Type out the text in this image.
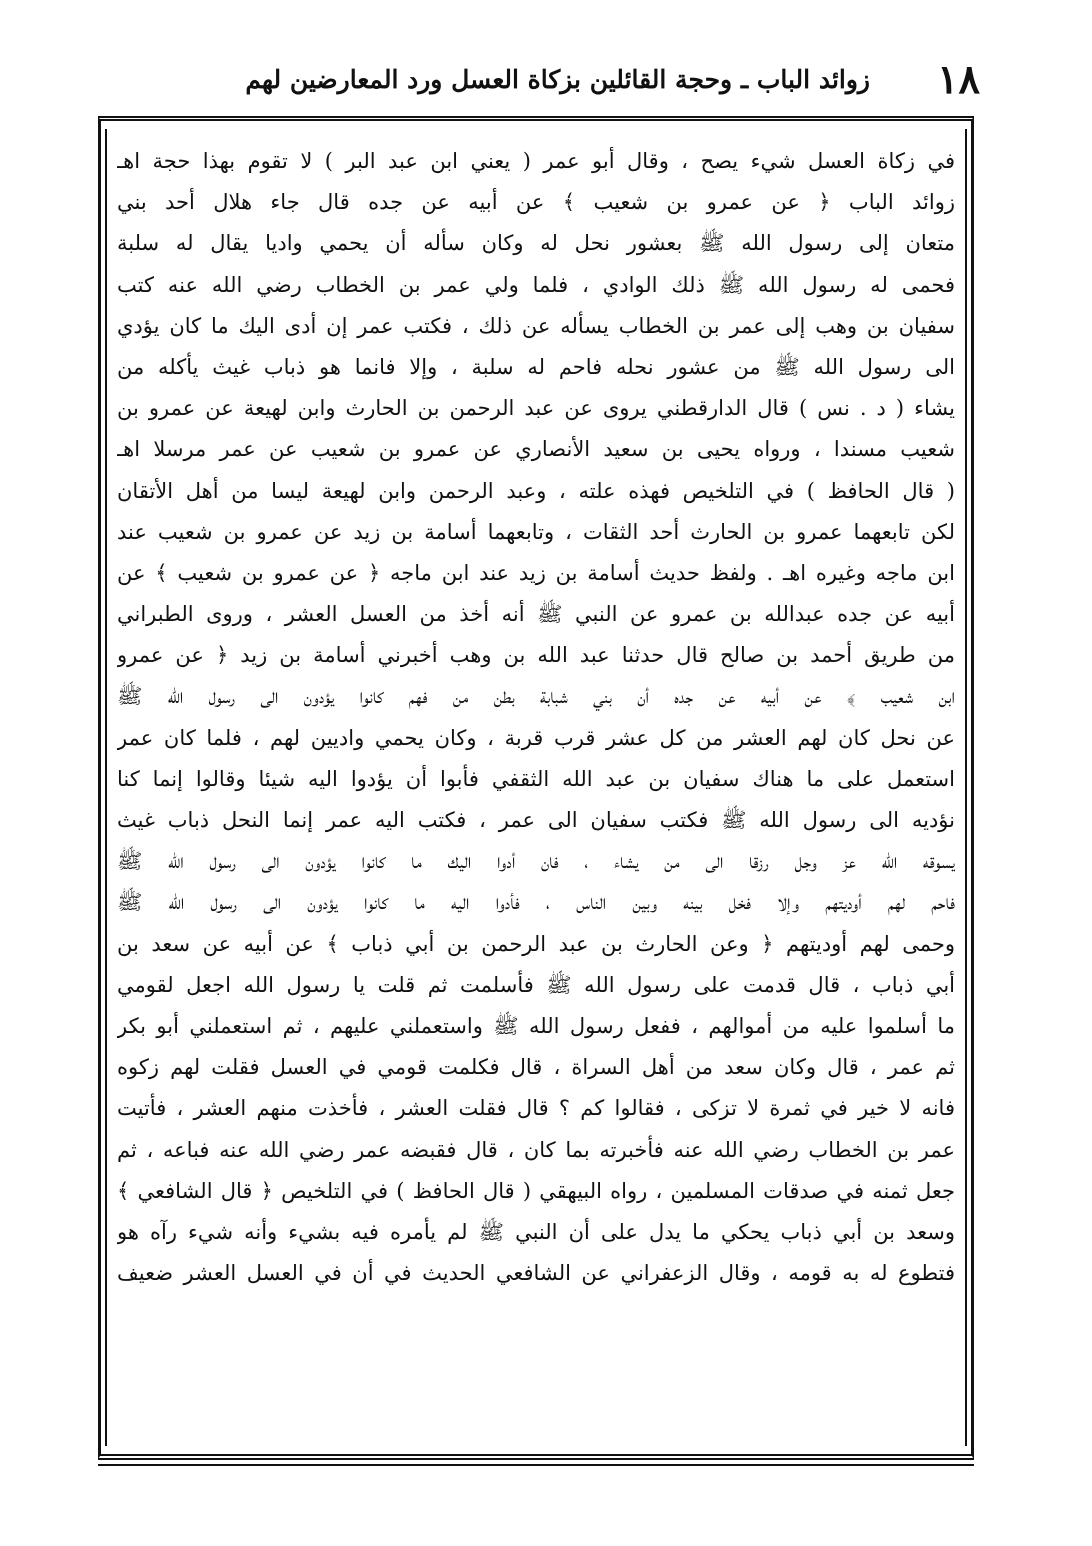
١٨
زوائد الباب ـ وحجة القائلين بزكاة العسل ورد المعارضين لهم
في زكاة العسل شيء يصح ، وقال أبو عمر ( يعني ابن عبد البر ) لا تقوم بهذا حجة اهـ
زوائد الباب ﴿ عن عمرو بن شعيب ﴾ عن أبيه عن جده قال جاء هلال أحد بني
متعان إلى رسول الله ﷺ بعشور نحل له وكان سأله أن يحمي واديا يقال له سلبة
فحمى له رسول الله ﷺ ذلك الوادي ، فلما ولي عمر بن الخطاب رضي الله عنه كتب
سفيان بن وهب إلى عمر بن الخطاب يسأله عن ذلك ، فكتب عمر إن أدى اليك ما كان يؤدي
الى رسول الله ﷺ من عشور نحله فاحم له سلبة ، وإلا فانما هو ذباب غيث يأكله من
يشاء ( د . نس ) قال الدارقطني يروى عن عبد الرحمن بن الحارث وابن لهيعة عن عمرو بن
شعيب مسندا ، ورواه يحيى بن سعيد الأنصاري عن عمرو بن شعيب عن عمر مرسلا اهـ
( قال الحافظ ) في التلخيص فهذه علته ، وعبد الرحمن وابن لهيعة ليسا من أهل الأتقان
لكن تابعهما عمرو بن الحارث أحد الثقات ، وتابعهما أسامة بن زيد عن عمرو بن شعيب عند
ابن ماجه وغيره اهـ . ولفظ حديث أسامة بن زيد عند ابن ماجه ﴿ عن عمرو بن شعيب ﴾ عن
أبيه عن جده عبدالله بن عمرو عن النبي ﷺ أنه أخذ من العسل العشر ، وروى الطبراني
من طريق أحمد بن صالح قال حدثنا عبد الله بن وهب أخبرني أسامة بن زيد ﴿ عن عمرو
ابن شعيب ﴾ عن أبيه عن جده أن بني شبابة بطن من فهم كانوا يؤدون الى رسول الله ﷺ
عن نحل كان لهم العشر من كل عشر قرب قربة ، وكان يحمي واديين لهم ، فلما كان عمر
استعمل على ما هناك سفيان بن عبد الله الثقفي فأبوا أن يؤدوا اليه شيئا وقالوا إنما كنا
نؤديه الى رسول الله ﷺ فكتب سفيان الى عمر ، فكتب اليه عمر إنما النحل ذباب غيث
يسوقه الله عز وجل رزقا الى من يشاء ، فان أدوا اليك ما كانوا يؤدون الى رسول الله ﷺ
فاحم لهم أوديتهم وإلا فخل بينه وبين الناس ، فأدوا اليه ما كانوا يؤدون الى رسول الله ﷺ
وحمى لهم أوديتهم ﴿ وعن الحارث بن عبد الرحمن بن أبي ذباب ﴾ عن أبيه عن سعد بن
أبي ذباب ، قال قدمت على رسول الله ﷺ فأسلمت ثم قلت يا رسول الله اجعل لقومي
ما أسلموا عليه من أموالهم ، ففعل رسول الله ﷺ واستعملني عليهم ، ثم استعملني أبو بكر
ثم عمر ، قال وكان سعد من أهل السراة ، قال فكلمت قومي في العسل فقلت لهم زكوه
فانه لا خير في ثمرة لا تزكى ، فقالوا كم ؟ قال فقلت العشر ، فأخذت منهم العشر ، فأتيت
عمر بن الخطاب رضي الله عنه فأخبرته بما كان ، قال فقبضه عمر رضي الله عنه فباعه ، ثم
جعل ثمنه في صدقات المسلمين ، رواه البيهقي ( قال الحافظ ) في التلخيص ﴿ قال الشافعي ﴾
وسعد بن أبي ذباب يحكي ما يدل على أن النبي ﷺ لم يأمره فيه بشيء وأنه شيء رآه هو
فتطوع له به قومه ، وقال الزعفراني عن الشافعي الحديث في أن في العسل العشر ضعيف
